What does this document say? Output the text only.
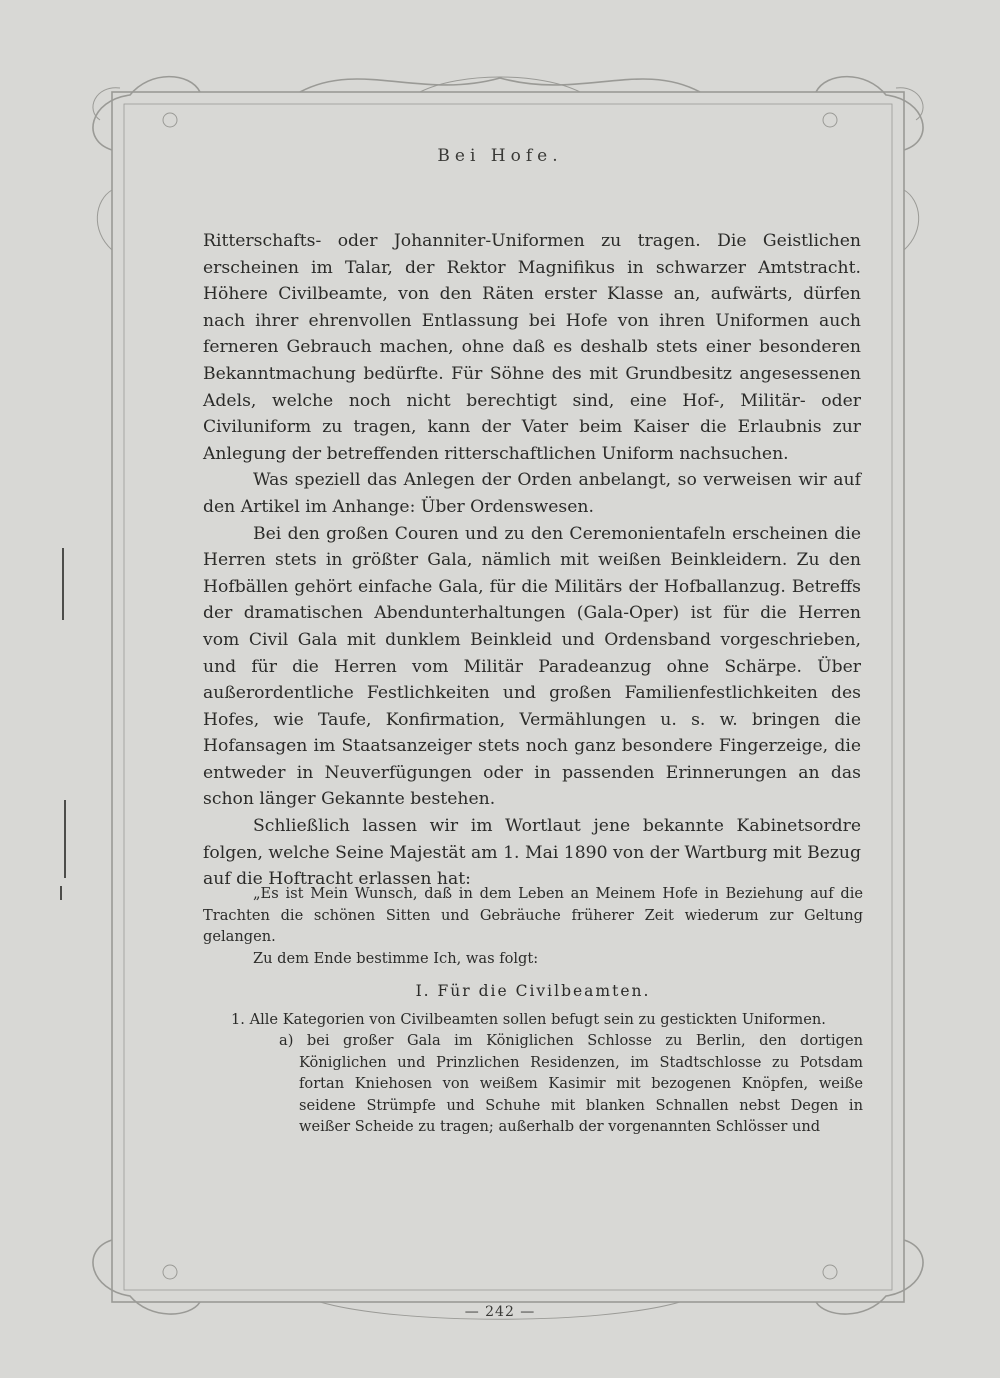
Bei Hofe.

Ritterschafts- oder Johanniter-Uniformen zu tragen. Die Geistlichen erscheinen im Talar, der Rektor Magnifikus in schwarzer Amtstracht. Höhere Civilbeamte, von den Räten erster Klasse an, aufwärts, dürfen nach ihrer ehrenvollen Entlassung bei Hofe von ihren Uniformen auch ferneren Gebrauch machen, ohne daß es deshalb stets einer besonderen Bekanntmachung bedürfte. Für Söhne des mit Grundbesitz angesessenen Adels, welche noch nicht berechtigt sind, eine Hof-, Militär- oder Civiluniform zu tragen, kann der Vater beim Kaiser die Erlaubnis zur Anlegung der betreffenden ritterschaftlichen Uniform nachsuchen.

Was speziell das Anlegen der Orden anbelangt, so verweisen wir auf den Artikel im Anhange: Über Ordenswesen.

Bei den großen Couren und zu den Ceremonientafeln erscheinen die Herren stets in größter Gala, nämlich mit weißen Beinkleidern. Zu den Hofbällen gehört einfache Gala, für die Militärs der Hofballanzug. Betreffs der dramatischen Abendunterhaltungen (Gala-Oper) ist für die Herren vom Civil Gala mit dunklem Beinkleid und Ordensband vorgeschrieben, und für die Herren vom Militär Paradeanzug ohne Schärpe. Über außerordentliche Festlichkeiten und großen Familienfestlichkeiten des Hofes, wie Taufe, Konfirmation, Vermählungen u. s. w. bringen die Hofansagen im Staatsanzeiger stets noch ganz besondere Fingerzeige, die entweder in Neuverfügungen oder in passenden Erinnerungen an das schon länger Gekannte bestehen.

Schließlich lassen wir im Wortlaut jene bekannte Kabinetsordre folgen, welche Seine Majestät am 1. Mai 1890 von der Wartburg mit Bezug auf die Hoftracht erlassen hat:

„Es ist Mein Wunsch, daß in dem Leben an Meinem Hofe in Beziehung auf die Trachten die schönen Sitten und Gebräuche früherer Zeit wiederum zur Geltung gelangen.

Zu dem Ende bestimme Ich, was folgt:

I. Für die Civilbeamten.

1. Alle Kategorien von Civilbeamten sollen befugt sein zu gestickten Uniformen.

a) bei großer Gala im Königlichen Schlosse zu Berlin, den dortigen Königlichen und Prinzlichen Residenzen, im Stadtschlosse zu Potsdam fortan Kniehosen von weißem Kasimir mit bezogenen Knöpfen, weiße seidene Strümpfe und Schuhe mit blanken Schnallen nebst Degen in weißer Scheide zu tragen; außerhalb der vorgenannten Schlösser und

— 242 —
